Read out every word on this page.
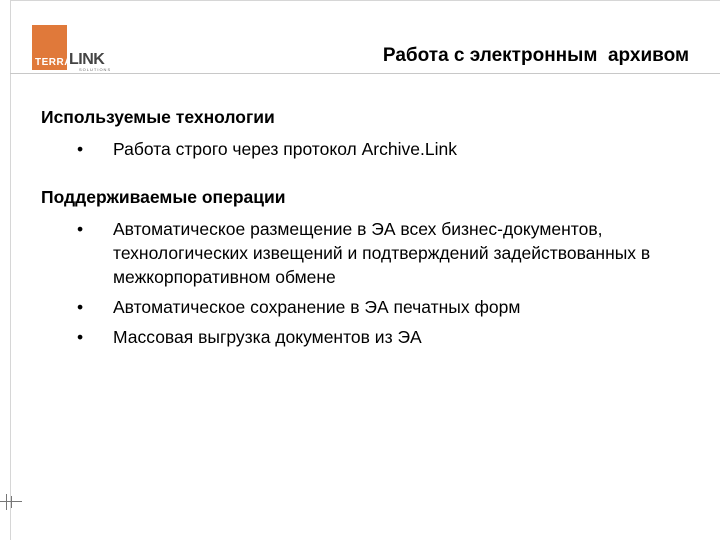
TERRA
LINK
SOLUTIONS
Работа с электронным  архивом
Используемые технологии
• Работа строго через протокол Archive.Link
Поддерживаемые операции
• Автоматическое размещение в ЭА всех бизнес-документов, технологических извещений и подтверждений задействованных в межкорпоративном обмене
• Автоматическое сохранение в ЭА печатных форм
• Массовая выгрузка документов из ЭА
